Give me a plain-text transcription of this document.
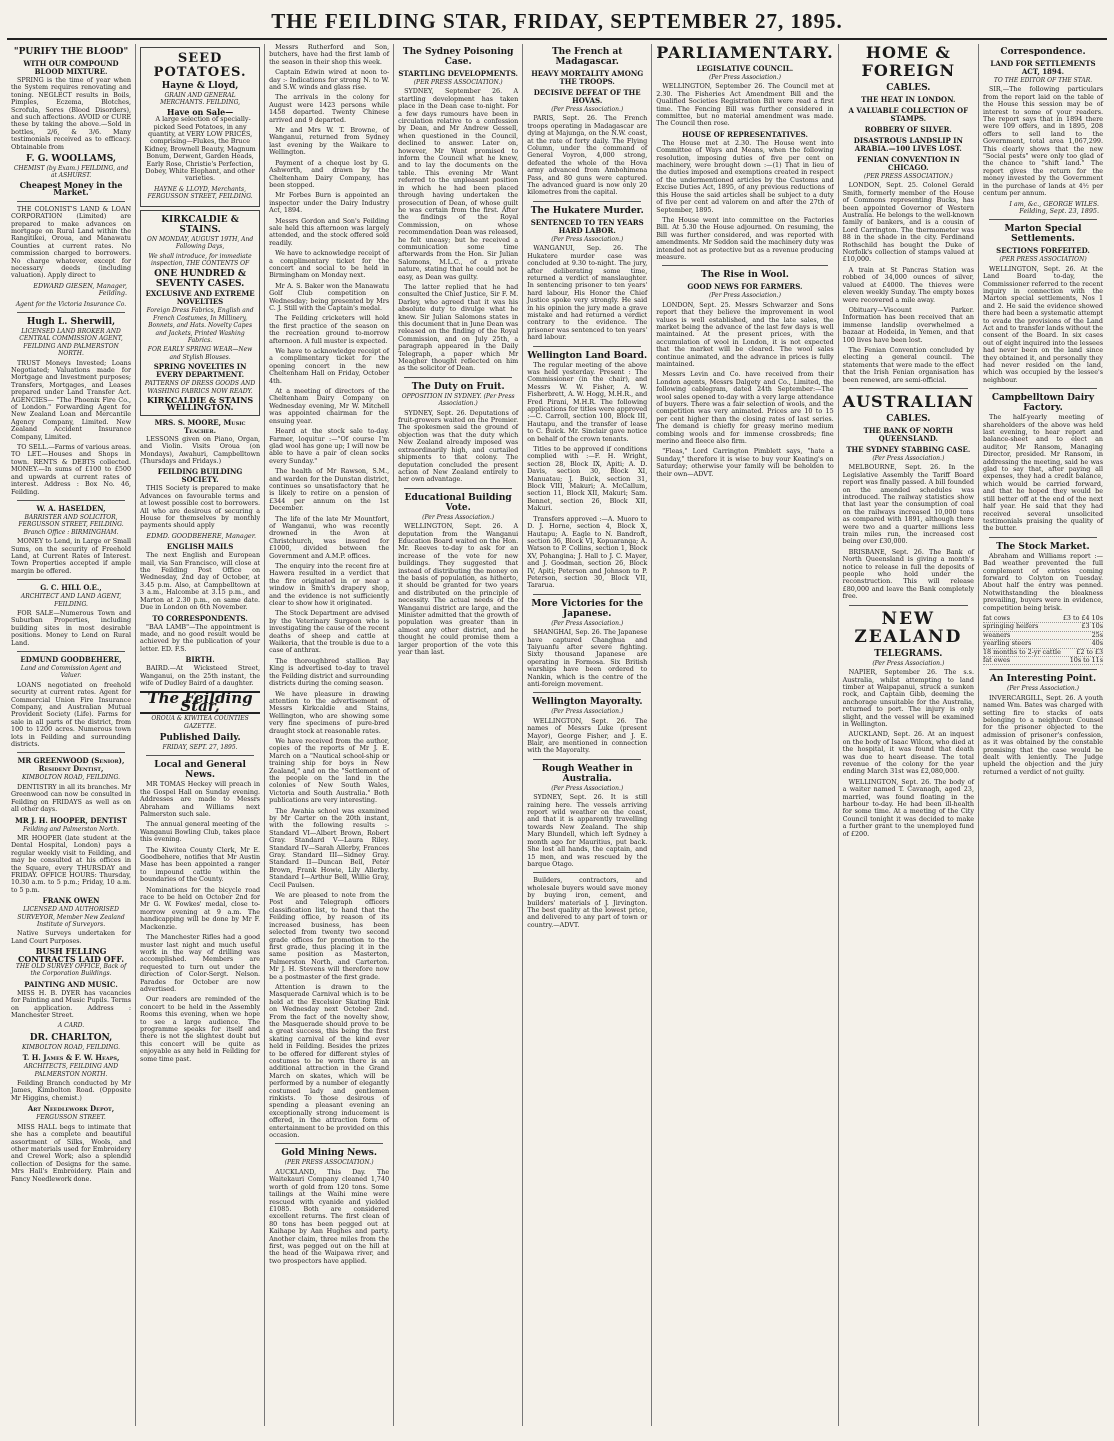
THE FEILDING STAR, FRIDAY, SEPTEMBER 27, 1895.
"PURIFY THE BLOOD"
WITH OUR COMPOUND BLOOD MIXTURE.

SPRING is the time of year when the System requires renovating and toning. NEGLECT results in Boils, Pimples, Eczema, Blotches, Scrofula, Sores (Blood Disorders), and such affections. AVOID or CURE these by taking the above.—Sold in bottles, 2/6, & 3/6. Many testimonials received as to efficacy. Obtainable from

F. G. WOOLLAMS,
CHEMIST (by Exam.) FEILDING, and at ASHURST.
Cheapest Money in the Market.

THE COLONIST'S LAND & LOAN CORPORATION (Limited) are prepared to make advances on mortgage on Rural Land within the Rangitikei, Oroua, and Manawatu Counties at current rates. No commission charged to borrowers. No charge whatever, except for necessary deeds (including valuation). Apply direct to

EDWARD GIESEN, Manager, Feilding.
Agent for the Victoria Insurance Co.
Hugh L. Sherwill,
LICENSED LAND BROKER AND CENTRAL COMMISSION AGENT, FEILDING AND PALMERSTON NORTH.

TRUST Moneys Invested; Loans Negotiated; Valuations made for Mortgage and Investment purposes; Transfers, Mortgages, and Leases prepared under Land Transfer Act. AGENCIES— "The Phoenix Fire Co., of London." Forwarding Agent for New Zealand Loan and Mercantile Agency Company, Limited. New Zealand Accident Insurance Company, Limited.

TO SELL.—Farms of various areas. TO LET.—Houses and Shops in town. RENTS & DEBTS collected. MONEY.—In sums of £100 to £500 and upwards at current rates of interest. Address : Box No. 46, Feilding.

W. A. HASELDEN,
BARRISTER AND SOLICITOR, FERGUSSON STREET, FEILDING. Branch Office : BIRMINGHAM.

MONEY to Lend, in Large or Small Sums, on the security of Freehold Land, at Current Rates of Interest. Town Properties accepted if ample margin be offered.

G. C. HILL O.E.,
ARCHITECT AND LAND AGENT, FEILDING.

FOR SALE—Numerous Town and Suburban Properties, including building sites in most desirable positions. Money to Lend on Rural Land.

EDMUND GOODBEHERE,
Land and Commission Agent and Valuer.

LOANS negotiated on freehold security at current rates. Agent for Commercial Union Fire Insurance Company, and Australian Mutual Provident Society (Life). Farms for sale in all parts of the district, from 100 to 1200 acres. Numerous town lots in Feilding and surrounding districts.

MR GREENWOOD (Senior), Resident Dentist,
KIMBOLTON ROAD, FEILDING.

DENTISTRY in all its branches. Mr Greenwood can now be consulted in Feilding on FRIDAYS as well as on all other days.

MR J. H. HOOPER, DENTIST
Feilding and Palmerston North.

MR HOOPER (late student at the Dental Hospital, London) pays a regular weekly visit to Feilding, and may be consulted at his offices in the Square, every THURSDAY and FRIDAY. OFFICE HOURS: Thursday, 10.30 a.m. to 5 p.m.; Friday, 10 a.m. to 5 p.m.

FRANK OWEN
LICENSED AND AUTHORISED SURVEYOR, Member New Zealand Institute of Surveyors.

Native Surveys undertaken for Land Court Purposes.

BUSH FELLING CONTRACTS LAID OFF.
THE OLD SURVEY OFFICE, Back of the Corporation Buildings.
PAINTING AND MUSIC.

MISS H. B. DYER has vacancies for Painting and Music Pupils. Terms on application. Address : Manchester Street.

A CARD.
DR. CHARLTON,
KIMBOLTON ROAD, FEILDING.
T. H. James & F. W. Heaps,
ARCHITECTS, FEILDING AND PALMERSTON NORTH.

Feilding Branch conducted by Mr James, Kimbolton Road. (Opposite Mr Higgins, chemist.)

Art Needlework Depot,
FERGUSSON STREET.

MISS HALL begs to intimate that she has a complete and beautiful assortment of Silks, Wools, and other materials used for Embroidery and Crewel Work; also a splendid collection of Designs for the same. Mrs Hall's Embroidery. Plain and Fancy Needlework done.

SEED POTATOES.
Hayne & Lloyd,
GRAIN AND GENERAL MERCHANTS. FEILDING,
Have on Sale—

A large selection of specially-picked Seed Potatoes, in any quantity, at VERY LOW PRICES, comprising—Flukes, the Bruce Kidney, Brownell Beauty, Magnum Bonum, Derwent, Garden Heads, Early Rose, Christie's Perfection, Dobey, White Elephant, and other varieties.

HAYNE & LLOYD, Merchants, FERGUSSON STREET, FEILDING.
KIRKCALDIE & STAINS.
ON MONDAY, AUGUST 19TH, And Following Days,
We shall introduce, for immediate inspection, THE CONTENTS OF
ONE HUNDRED & SEVENTY CASES.
EXCLUSIVE AND EXTREME NOVELTIES
Foreign Dress Fabrics, English and French Costumes, In Millinery, Bonnets, and Hats. Novelty Capes and Jackets, Printed Washing Fabrics.
FOR EARLY SPRING WEAR—New and Stylish Blouses.
SPRING NOVELTIES IN EVERY DEPARTMENT.
PATTERNS OF DRESS GOODS AND WASHING FABRICS NOW READY.
KIRKCALDIE & STAINS WELLINGTON.
MRS. S. MOORE, Music Teacher.

LESSONS given on Piano, Organ, and Violin. Visits Oroua (on Mondays), Awahuri, Campbelltown (Thursdays and Fridays.)

FEILDING BUILDING SOCIETY.

THIS Society is prepared to make Advances on favourable terms and at lowest possible cost to borrowers. All who are desirous of securing a House for themselves by monthly payments should apply

EDMD. GOODBEHERE, Manager.
ENGLISH MAILS

The next English and European mail, via San Francisco, will close at the Feilding Post Office on Wednesday, 2nd day of October, at 3.45 p.m. Also, at Campbelltown at 3 a.m., Halcombe at 3.15 p.m., and Marton at 2.30 p.m., on same date. Due in London on 6th November.

TO CORRESPONDENTS.

"BAA LAMB"—The appointment is made, and no good result would be achieved by the publication of your letter. ED. F.S.

BIRTH.

BAIRD.—At Wicksteed Street, Wanganui, on the 25th instant, the wife of Dudley Baird of a daughter.

The Feilding Star,
OROUA & KIWITEA COUNTIES GAZETTE.
Published Daily.
FRIDAY, SEPT. 27, 1895.
Local and General News.

MR TOMAS Heckey will preach in the Gospel Hall on Sunday evening. Addresses are made to Messrs Abraham and Williams next Palmerston such sale.

The annual general meeting of the Wanganui Bowling Club, takes place this evening.

The Kiwitea County Clerk, Mr E. Goodbehere, notifies that Mr Austin Mase has been appointed a ranger to impound cattle within the boundaries of the County.

Nominations for the bicycle road race to be held on October 2nd for Mr G. W. Fowkes' medal, close to-morrow evening at 9 a.m. The handicapping will be done by Mr F. Mackenzie.

The Manchester Rifles had a good muster last night and much useful work in the way of drilling was accomplished. Members are requested to turn out under the direction of Color-Sergt. Nelson. Parades for October are now advertised.

Our readers are reminded of the concert to be held in the Assembly Rooms this evening, when we hope to see a large audience. The programme speaks for itself and there is not the slightest doubt but this concert will be quite as enjoyable as any held in Feilding for some time past.

Messrs Rutherford and Son, butchers, have had the first lamb of the season in their shop this week.

Captain Edwin wired at noon to-day :- Indications for strong N. to W. and S.W. winds and glass rise.

The arrivals in the colony for August were 1423 persons while 1458 departed. Twenty Chinese arrived and 9 departed.

Mr and Mrs W. T. Browne, of Wanganui, returned from Sydney last evening by the Waikare to Wellington.

Payment of a cheque lost by G. Ashworth, and drawn by the Cheltenham Dairy Company, has been stopped.

Mr Forbes Burn is appointed an inspector under the Dairy Industry Act, 1894.

Messrs Gordon and Son's Feilding sale held this afternoon was largely attended, and the stock offered sold readily.

We have to acknowledge receipt of a complimentary ticket for the concert and social to be held in Birmingham on Monday next.

Mr A. S. Baker won the Manawatu Golf Club competition on Wednesday; being presented by Mrs C. J. Still with the Captain's medal.

The Feilding cricketers will hold the first practice of the season on the recreation ground to-morrow afternoon. A full muster is expected.

We have to acknowledge receipt of a complimentary ticket for the opening concert in the new Cheltenham Hall on Friday, October 4th.

At a meeting of directors of the Cheltenham Dairy Company on Wednesday evening, Mr W. Mitchell was appointed chairman for the ensuing year.

Heard at the stock sale to-day. Farmer, loquitur :—"Of course I'm glad wool has gone up; I will now be able to have a pair of clean socks every Sunday."

The health of Mr Rawson, S.M., and warden for the Dunstan district, continues so unsatisfactory that he is likely to retire on a pension of £344 per annum on the 1st December.

The life of the late Mr Mountfort, of Wanganui, who was recently drowned in the Avon at Christchurch, was insured for £1000, divided between the Government and A.M.P. offices.

The enquiry into the recent fire at Hawera resulted in a verdict that the fire originated in or near a window in Smith's drapery shop, and the evidence is not sufficiently clear to show how it originated.

The Stock Department are advised by the Veterinary Surgeon who is investigating the cause of the recent deaths of sheep and cattle at Waikeria, that the trouble is due to a case of anthrax.

The thoroughbred stallion Bay King is advertised to-day to travel the Feilding district and surrounding districts during the coming season.

We have pleasure in drawing attention to the advertisement of Messrs Kirkcaldie and Stains, Wellington, who are showing some very fine specimens of pure-bred draught stock at reasonable rates.

We have received from the author, copies of the reports of Mr J. E. March on a "Nautical school-ship or training ship for boys in New Zealand," and on the "Settlement of the people on the land in the colonies of New South Wales, Victoria and South Australia." Both publications are very interesting.

The Awahia school was examined by Mr Carter on the 20th instant, with the following results :- Standard VI—Albert Brown, Robert Gray. Standard V—Laura Riley. Standard IV—Sarah Allerby, Frances Gray. Standard III—Sidney Gray. Standard II—Duncan Bell, Peter Brown, Frank Howie, Lily Allerby. Standard I—Arthur Bell, Willie Gray, Cecil Paulsen.

We are pleased to note from the Post and Telegraph officers classification list, to hand that the Feilding office, by reason of its increased business, has been selected from twenty two second grade offices for promotion to the first grade, thus placing it in the same position as Masterton, Palmerston North, and Carterton. Mr J. H. Stevens will therefore now be a postmaster of the first grade.

Attention is drawn to the Masquerade Carnival which is to be held at the Excelsior Skating Rink on Wednesday next October 2nd. From the fact of the novelty show, the Masquerade should prove to be a great success, this being the first skating carnival of the kind ever held in Feilding. Besides the prizes to be offered for different styles of costumes to be worn there is an additional attraction in the Grand March on skates, which will be performed by a number of elegantly costumed lady and gentlemen rinkists. To those desirous of spending a pleasant evening an exceptionally strong inducement is offered, in the attraction form of entertainment to be provided on this occasion.

Gold Mining News.
(PER PRESS ASSOCIATION.)

AUCKLAND, This Day. The Waitekauri Company cleaned 1,740 worth of gold from 120 tons. Some tailings at the Waihi mine were rescued with cyanide and yielded £1085. Both are considered excellent returns. The first clean of 80 tons has been pegged out at Kaihape by Aan Hughes and party. Another claim, three miles from the first, was pegged out on the hill at the head of the Waipawa river, and two prospectors have applied.

The Sydney Poisoning Case.
STARTLING DEVELOPMENTS.
(PER PRESS ASSOCIATION.)

SYDNEY, September 26. A startling development has taken place in the Dean case to-night. For a few days rumours have been in circulation relative to a confession by Dean, and Mr Andrew Gessell, when questioned in the Council, declined to answer. Later on, however, Mr Want promised to inform the Council what he knew, and to lay the documents on the table. This evening Mr Want referred to the unpleasant position in which he had been placed through having undertaken the prosecution of Dean, of whose guilt he was certain from the first. After the findings of the Royal Commission, on whose recommendation Dean was released, he felt uneasy; but he received a communication some time afterwards from the Hon. Sir Julian Salomons, M.L.C., of a private nature, stating that he could not be easy, as Dean was guilty.

The latter replied that he had consulted the Chief Justice, Sir F. M. Darley, who agreed that it was his absolute duty to divulge what he knew. Sir Julian Salomons states in this document that in June Dean was released on the finding of the Royal Commission, and on July 25th, a paragraph appeared in the Daily Telegraph, a paper which Mr Meagher thought reflected on him as the solicitor of Dean.

The Duty on Fruit.
OPPOSITION IN SYDNEY. (Per Press Association.)

SYDNEY, Sept. 26. Deputations of fruit-growers waited on the Premier. The spokesmen said the ground of objection was that the duty which New Zealand already imposed was extraordinarily high, and curtailed shipments to that colony. The deputation concluded the present action of New Zealand entirely to her own advantage.

Educational Building Vote.
(Per Press Association.)

WELLINGTON, Sept. 26. A deputation from the Wanganui Education Board waited on the Hon. Mr. Reeves to-day to ask for an increase of the vote for new buildings. They suggested that instead of distributing the money on the basis of population, as hitherto, it should be granted for two years and distributed on the principle of necessity. The actual needs of the Wanganui district are large, and the Minister admitted that the growth of population was greater than in almost any other district, and he thought he could promise them a larger proportion of the vote this year than last.

The French at Madagascar.
HEAVY MORTALITY AMONG THE TROOPS.
DECISIVE DEFEAT OF THE HOVAS.
(Per Press Association.)

PARIS, Sept. 26. The French troops operating in Madagascar are dying at Majunga, on the N.W. coast, at the rate of forty daily. The Flying Column, under the command of General Voyron, 4,000 strong, defeated the whole of the Hova army advanced from Ambohimena Pass, and 80 guns were captured. The advanced guard is now only 20 kilometres from the capital.

The Hukatere Murder.
SENTENCED TO TEN YEARS HARD LABOR.
(Per Press Association.)

WANGANUI, Sep. 26. The Hukatere murder case was concluded at 9.30 to-night. The jury, after deliberating some time, returned a verdict of manslaughter. In sentencing prisoner to ten years' hard labour, His Honor the Chief Justice spoke very strongly. He said in his opinion the jury made a grave mistake and had returned a verdict contrary to the evidence. The prisoner was sentenced to ten years' hard labour.

Wellington Land Board.

The regular meeting of the above was held yesterday. Present : The Commissioner (in the chair), and Messrs W. W. Fisher, A. W. Fisherbrett, A. W. Hogg, M.H.R., and Fred Pirani, M.H.R. The following applications for titles were approved :—C. Carroll, section 100, Block III, Hautapu, and the transfer of lease to C. Buick. Mr. Sinclair gave notice on behalf of the crown tenants.

Titles to be approved if conditions complied with :—F. H. Wright, section 28, Block IX, Apiti; A. D. Davis, section 30, Block XI, Manuatau; J. Buick, section 31, Block VIII, Makuri; A. McCallum, section 11, Block XII, Makuri; Sam. Bennet, section 26, Block XII, Makuri.

Transfers approved :—A. Muoro to D. J. Horne, section 4, Block X, Hautapu; A. Eagle to N. Bandroft, section 36, Block VI, Kopuaranga; A. Watson to P. Collins, section 1, Block XV, Pohangina; J. Hall to J. C. Mayer, and J. Goodman, section 26, Block IV, Apiti; Peterson and Johnson to P. Peterson, section 30, Block VII, Tararua.

More Victories for the Japanese.
(Per Press Association.)

SHANGHAI, Sep. 26. The Japanese have captured Changhua and Taiyuanfu after severe fighting. Sixty thousand Japanese are operating in Formosa. Six British warships have been ordered to Nankin, which is the centre of the anti-foreign movement.

Wellington Mayoralty.
(Per Press Association.)

WELLINGTON, Sept. 26. The names of Messrs Luke (present Mayor), George Fisher, and J. E. Blair, are mentioned in connection with the Mayoralty.

Rough Weather in Australia.
(Per Press Association.)

SYDNEY, Sept. 26. It is still raining here. The vessels arriving report wild weather on the coast, and that it is apparently travelling towards New Zealand. The ship Mary Blundell, which left Sydney a month ago for Mauritius, put back. She lost all hands, the captain, and 15 men, and was rescued by the barque Otago.

Builders, contractors, and wholesale buyers would save money by buying iron, cement, and builders' materials of J. Jirvington. The best quality at the lowest price, and delivered to any part of town or country.—ADVT.

PARLIAMENTARY.
LEGISLATIVE COUNCIL.
(Per Press Association.)

WELLINGTON, September 26. The Council met at 2.30. The Fisheries Act Amendment Bill and the Qualified Societies Registration Bill were read a first time. The Fencing Bill was further considered in committee, but no material amendment was made. The Council then rose.

HOUSE OF REPRESENTATIVES.

The House met at 2.30. The House went into Committee of Ways and Means, when the following resolution, imposing duties of five per cent on machinery, were brought down :—(1) That in lieu of the duties imposed and exemptions created in respect of the undermentioned articles by the Customs and Excise Duties Act, 1895, of any previous reductions of this House the said articles shall be subject to a duty of five per cent ad valorem on and after the 27th of September, 1895.

The House went into committee on the Factories Bill. At 5.30 the House adjourned. On resuming, the Bill was further considered, and was reported with amendments. Mr Seddon said the machinery duty was intended not as protective but as a revenue producing measure.

The Rise in Wool.
GOOD NEWS FOR FARMERS.
(Per Press Association.)

LONDON, Sept. 25. Messrs Schwarzer and Sons report that they believe the improvement in wool values is well established, and the late sales, the market being the advance of the last few days is well maintained. At the present prices, with the accumulation of wool in London, it is not expected that the market will be cleared. The wool sales continue animated, and the advance in prices is fully maintained.

Messrs Levin and Co. have received from their London agents, Messrs Dalgety and Co., Limited, the following cablegram, dated 24th September:—The wool sales opened to-day with a very large attendance of buyers. There was a fair selection of wools, and the competition was very animated. Prices are 10 to 15 per cent higher than the closing rates of last series. The demand is chiefly for greasy merino medium combing wools and for immense crossbreds; fine merino and fleece also firm.

"Fleas," Lord Carrington Pimblett says, "hate a Sunday," therefore it is wise to buy your Keating's on Saturday; otherwise your family will be beholden to their own—ADVT.

HOME & FOREIGN
CABLES.
THE HEAT IN LONDON.
A VALUABLE COLLECTION OF STAMPS.
ROBBERY OF SILVER.
DISASTROUS LANDSLIP IN ARABIA.—100 LIVES LOST.
FENIAN CONVENTION IN CHICAGO.
(PER PRESS ASSOCIATION.)

LONDON, Sept. 25. Colonel Gerald Smith, formerly member of the House of Commons representing Bucks, has been appointed Governor of Western Australia. He belongs to the well-known family of bankers, and is a cousin of Lord Carrington. The thermometer was 88 in the shade in the city. Ferdinand Rothschild has bought the Duke of Norfolk's collection of stamps valued at £10,000.

A train at St Pancras Station was robbed of 34,000 ounces of silver, valued at £4000. The thieves were eleven weekly Sunday. The empty boxes were recovered a mile away.

Obituary—Viscount Parker. Information has been received that an immense landslip overwhelmed a bazaar at Hodeida, in Yemen, and that 100 lives have been lost.

The Fenian Convention concluded by electing a general council. The statements that were made to the effect that the Irish Fenian organisation has been renewed, are semi-official.

AUSTRALIAN
CABLES.
THE BANK OF NORTH QUEENSLAND.
THE SYDNEY STABBING CASE.
(Per Press Association.)

MELBOURNE, Sept. 26. In the Legislative Assembly the Tariff Board report was finally passed. A bill founded on the amended schedules was introduced. The railway statistics show that last year the consumption of coal on the railways increased 10,000 tons as compared with 1891, although there were two and a quarter millions less train miles run, the increased cost being over £30,000.

BRISBANE, Sept. 26. The Bank of North Queensland is giving a month's notice to release in full the deposits of people who hold under the reconstruction. This will release £80,000 and leave the Bank completely free.

NEW ZEALAND
TELEGRAMS.
(Per Press Association.)

NAPIER, September 26. The s.s. Australia, whilst attempting to land timber at Waipapanui, struck a sunken rock, and Captain Gibb, deeming the anchorage unsuitable for the Australia, returned to port. The injury is only slight, and the vessel will be examined in Wellington.

AUCKLAND, Sept. 26. At an inquest on the body of Isaac Wilcox, who died at the hospital, it was found that death was due to heart disease. The total revenue of the colony for the year ending March 31st was £2,080,000.

WELLINGTON, Sept. 26. The body of a waiter named T. Cavanagh, aged 23, married, was found floating in the harbour to-day. He had been ill-health for some time. At a meeting of the City Council tonight it was decided to make a further grant to the unemployed fund of £200.

Correspondence.
LAND FOR SETTLEMENTS ACT, 1894.
TO THE EDITOR OF THE STAR.

SIR,—The following particulars from the report laid on the table of the House this session may be of interest to some of your readers. The report says that in 1894 there were 109 offers, and in 1895, 208 offers to sell land to the Government, total area 1,067,299. This clearly shows that the new "Social pests" were only too glad of the chance to "shift land." The report gives the return for the money invested by the Government in the purchase of lands at 4½ per centum per annum.

I am, &c., GEORGE WILES. Feilding, Sept. 23, 1895.
Marton Special Settlements.
SECTIONS FORFEITED.
(PER PRESS ASSOCIATION)

WELLINGTON, Sept. 26. At the Land Board to-day, the Commissioner referred to the recent inquiry in connection with the Marton special settlements, Nos 1 and 2. He said the evidence showed there had been a systematic attempt to evade the provisions of the Land Act and to transfer lands without the consent of the Board. In six cases out of eight inquired into the lessees had never been on the land since they obtained it, and personally they had never resided on the land, which was occupied by the lessee's neighbour.

Campbelltown Dairy Factory.

The half-yearly meeting of shareholders of the above was held last evening, to hear report and balance-sheet and to elect an auditor, Mr Ransom, Managing Director, presided. Mr Ransom, in addressing the meeting, said he was glad to say that, after paying all expenses, they had a credit balance, which would be carried forward, and that he hoped they would be still better off at the end of the next half year. He said that they had received several unsolicited testimonials praising the quality of the butter.

The Stock Market.

Abraham and Williams report :—Bad weather prevented the full complement of entries coming forward to Colyton on Tuesday. About half the entry was penned. Notwithstanding the bleakness prevailing, buyers were in evidence, competition being brisk.

fat cows	£3 to £4 10s
springing heifers	£3 10s
weaners	25s
yearling steers	40s
18 months to 2-yr cattle £2 to £3
fat ewes	10s to 11s
An Interesting Point.
(Per Press Association.)

INVERCARGILL, Sept. 26. A youth named Wm. Bates was charged with setting fire to stacks of oats belonging to a neighbour. Counsel for the prisoner objected to the admission of prisoner's confession, as it was obtained by the constable promising that the case would be dealt with leniently. The Judge upheld the objection and the jury returned a verdict of not guilty.
